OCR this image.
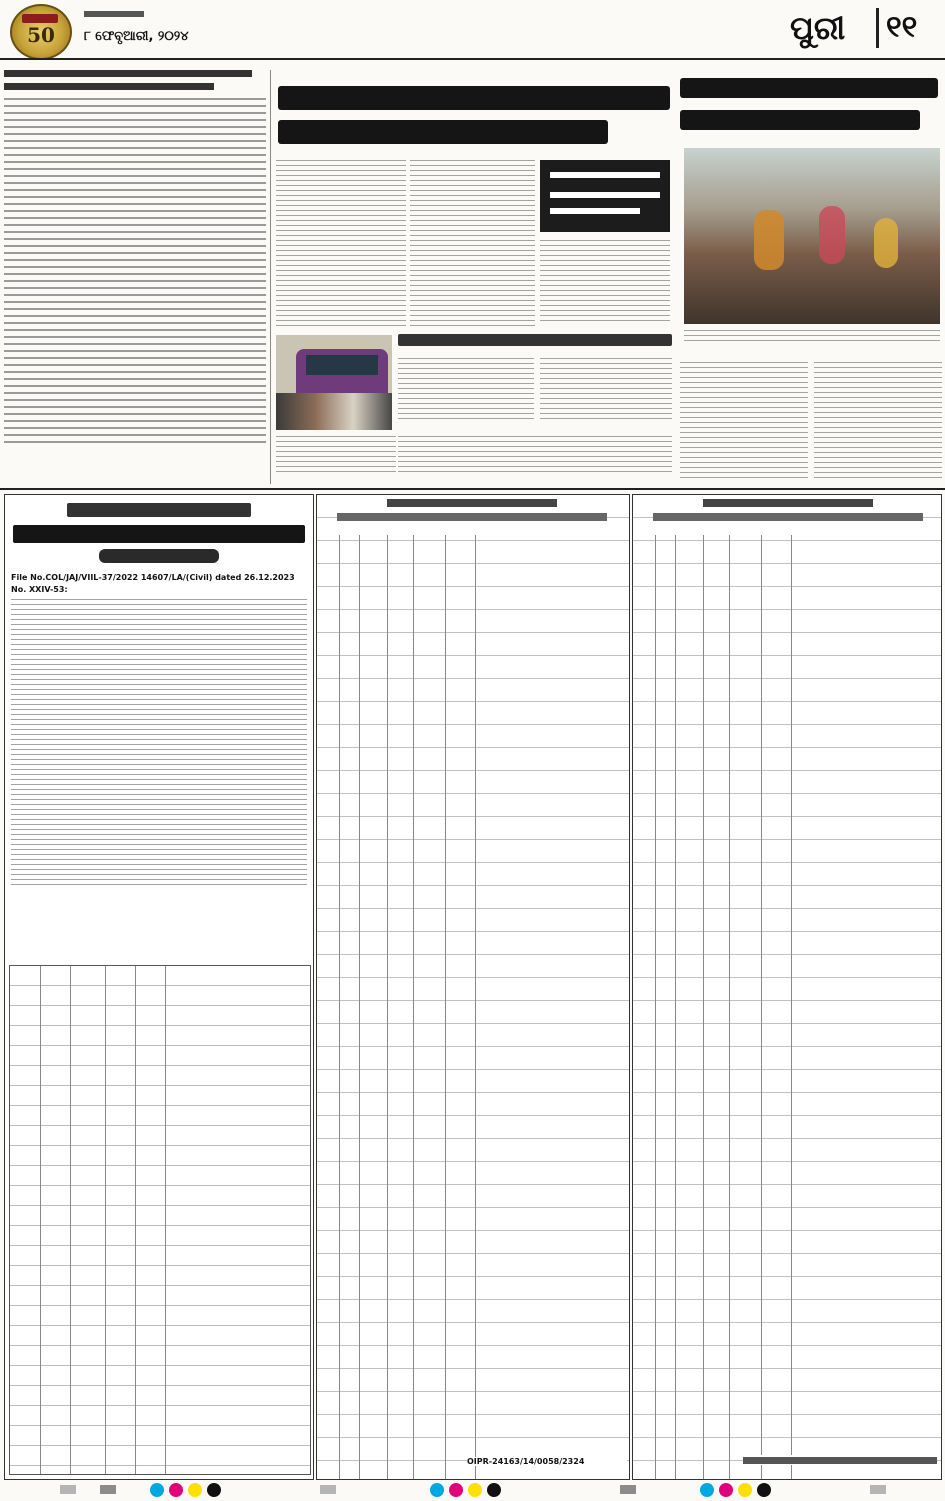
50	୮ ଫେବୃଆରୀ, ୨୦୨୪	ପୁରୀ	୧୧
File No.COL/JAJ/VIIL-37/2022 14607/LA/(Civil) dated 26.12.2023
No. XXIV-53:
OIPR-24163/14/0058/2324
